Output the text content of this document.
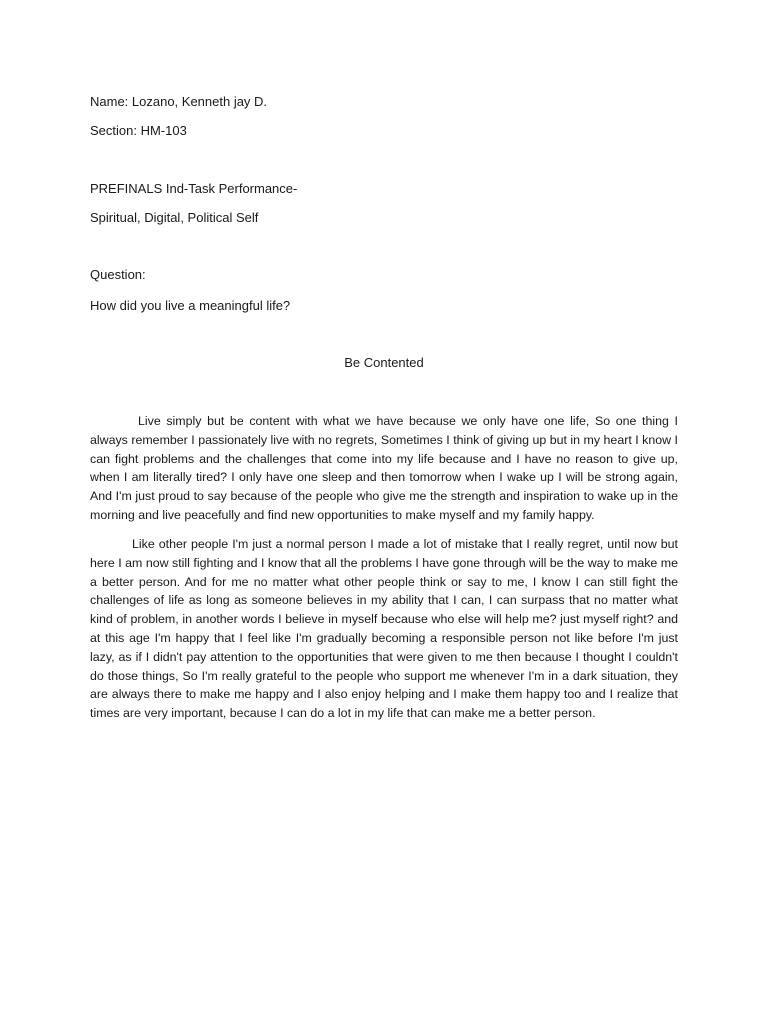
Name: Lozano, Kenneth jay D.
Section: HM-103
PREFINALS Ind-Task Performance-
Spiritual, Digital, Political Self
Question:
How did you live a meaningful life?
Be Contented
Live simply but be content with what we have because we only have one life, So one thing I always remember I passionately live with no regrets, Sometimes I think of giving up but in my heart I know I can fight problems and the challenges that come into my life because and I have no reason to give up, when I am literally tired? I only have one sleep and then tomorrow when I wake up I will be strong again, And I'm just proud to say because of the people who give me the strength and inspiration to wake up in the morning and live peacefully and find new opportunities to make myself and my family happy.
Like other people I'm just a normal person I made a lot of mistake that I really regret, until now but here I am now still fighting and I know that all the problems I have gone through will be the way to make me a better person. And for me no matter what other people think or say to me, I know I can still fight the challenges of life as long as someone believes in my ability that I can, I can surpass that no matter what kind of problem, in another words I believe in myself because who else will help me? just myself right? and at this age I'm happy that I feel like I'm gradually becoming a responsible person not like before I'm just lazy, as if I didn't pay attention to the opportunities that were given to me then because I thought I couldn't do those things, So I'm really grateful to the people who support me whenever I'm in a dark situation, they are always there to make me happy and I also enjoy helping and I make them happy too and I realize that times are very important, because I can do a lot in my life that can make me a better person.
